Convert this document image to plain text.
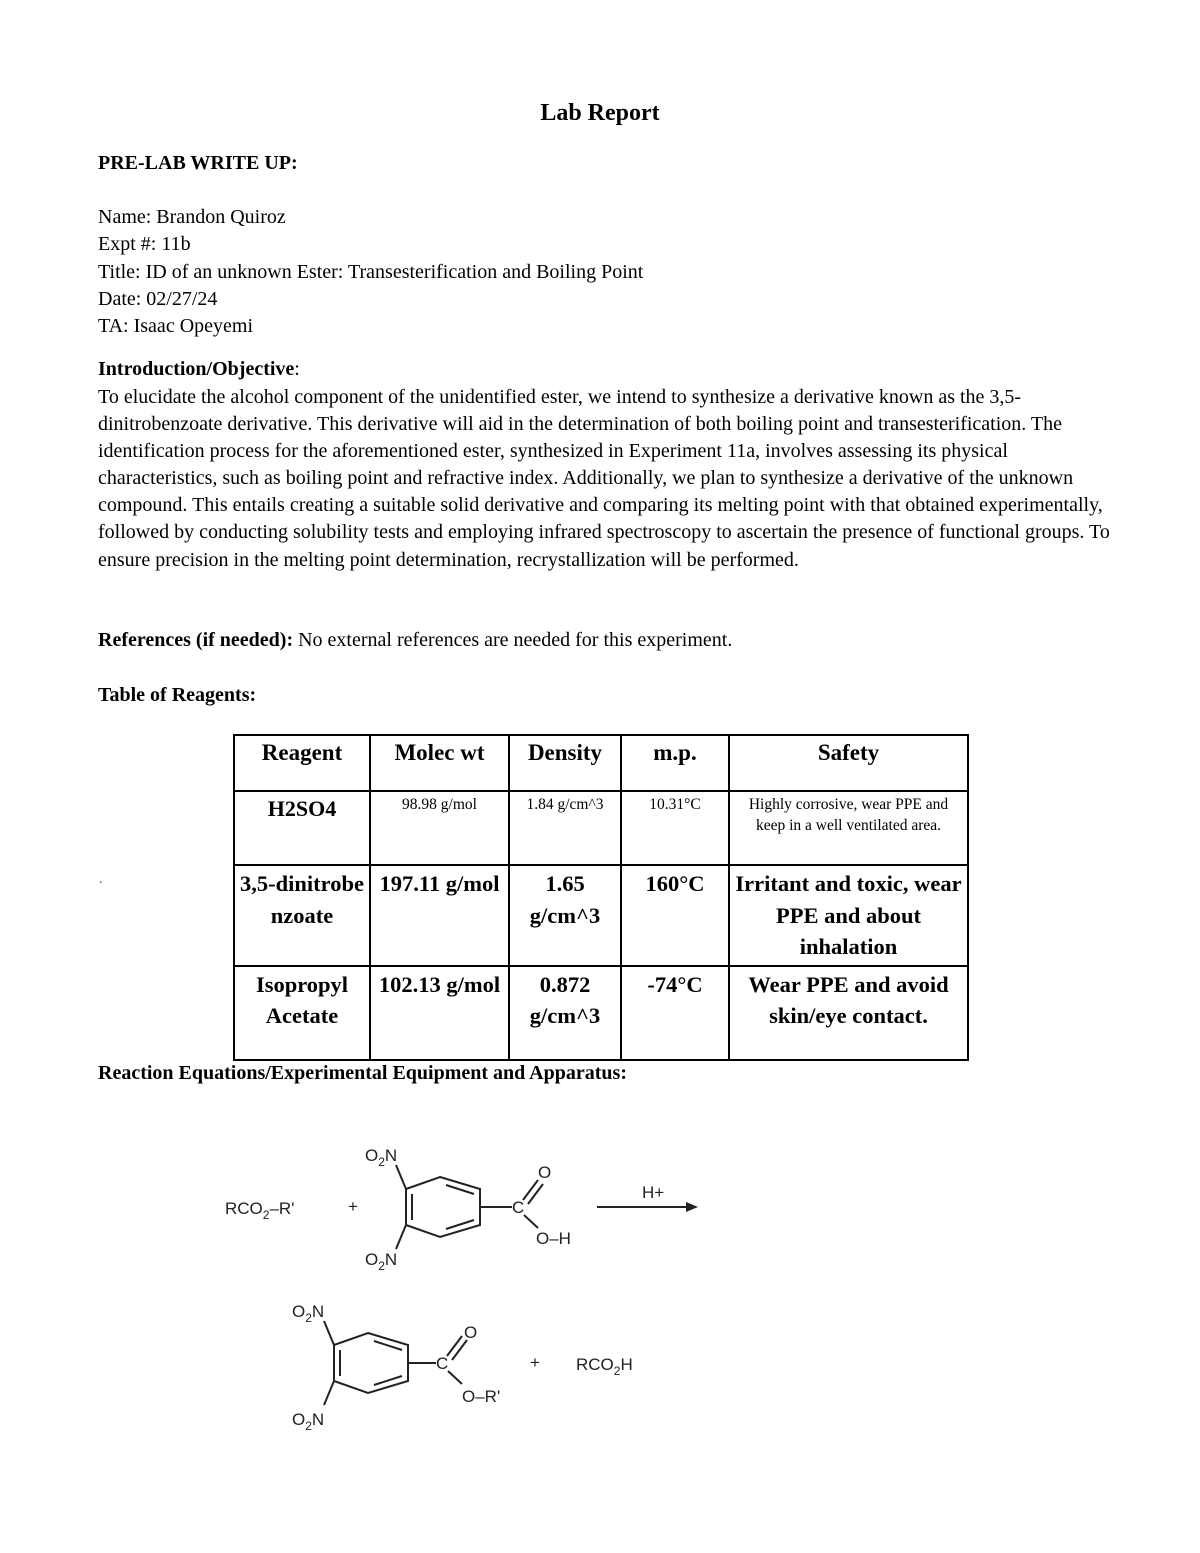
Lab Report

PRE-LAB WRITE UP:

Name: Brandon Quiroz

Expt #: 11b

Title: ID of an unknown Ester: Transesterification and Boiling Point

Date: 02/27/24

TA: Isaac Opeyemi

Introduction/Objective:

To elucidate the alcohol component of the unidentified ester, we intend to synthesize a derivative known as the 3,5-dinitrobenzoate derivative. This derivative will aid in the determination of both boiling point and transesterification. The identification process for the aforementioned ester, synthesized in Experiment 11a, involves assessing its physical characteristics, such as boiling point and refractive index. Additionally, we plan to synthesize a derivative of the unknown compound. This entails creating a suitable solid derivative and comparing its melting point with that obtained experimentally, followed by conducting solubility tests and employing infrared spectroscopy to ascertain the presence of functional groups. To ensure precision in the melting point determination, recrystallization will be performed.

References (if needed): No external references are needed for this experiment.

Table of Reagents:

.
Reagent	Molec wt	Density	m.p.	Safety
H2SO4	98.98 g/mol	1.84 g/cm^3	10.31°C	Highly corrosive, wear PPE and keep in a well ventilated area.
3,5-dinitrobenzoate	197.11 g/mol	1.65 g/cm^3	160°C	Irritant and toxic, wear PPE and about inhalation
Isopropyl Acetate	102.13 g/mol	0.872 g/cm^3	-74°C	Wear PPE and avoid skin/eye contact.

Reaction Equations/Experimental Equipment and Apparatus:

$RCO_2-R'$	+
$O_2N$
$O_2N$
C
O
O–H
H+
$O_2N$
$O_2N$
C
O
O–R'
+ $RCO_2H$
